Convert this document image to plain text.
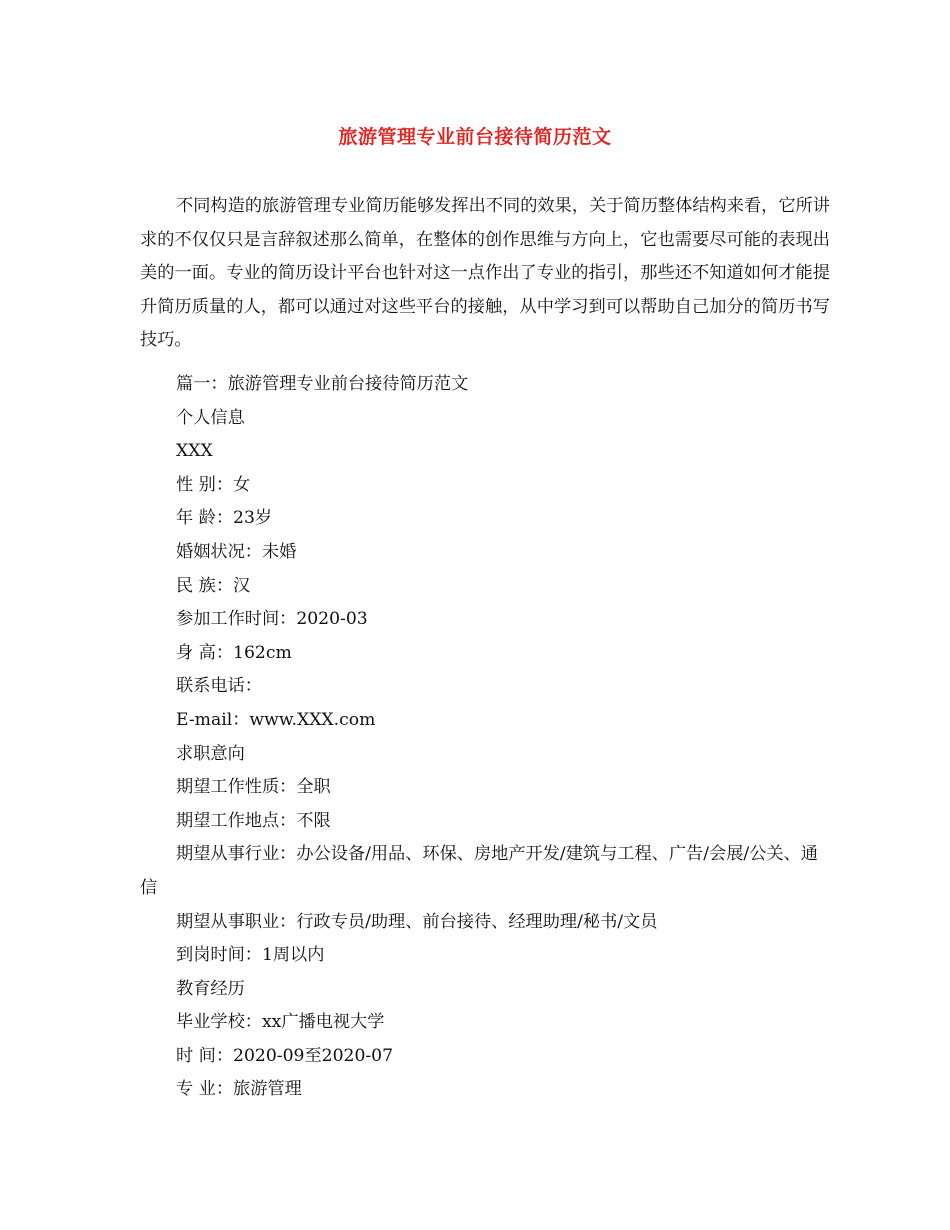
旅游管理专业前台接待简历范文

不同构造的旅游管理专业简历能够发挥出不同的效果，关于简历整体结构来看，它所讲求的不仅仅只是言辞叙述那么简单，在整体的创作思维与方向上，它也需要尽可能的表现出美的一面。专业的简历设计平台也针对这一点作出了专业的指引，那些还不知道如何才能提升简历质量的人，都可以通过对这些平台的接触，从中学习到可以帮助自己加分的简历书写技巧。

篇一：旅游管理专业前台接待简历范文
个人信息
XXX
性 别：女
年 龄：23岁
婚姻状况：未婚
民 族：汉
参加工作时间：2020-03
身 高：162cm
联系电话：
E-mail：www.XXX.com
求职意向
期望工作性质：全职
期望工作地点：不限
期望从事行业：办公设备/用品、环保、房地产开发/建筑与工程、广告/会展/公关、通信
期望从事职业：行政专员/助理、前台接待、经理助理/秘书/文员
到岗时间：1周以内
教育经历
毕业学校：xx广播电视大学
时 间：2020-09至2020-07
专 业：旅游管理
